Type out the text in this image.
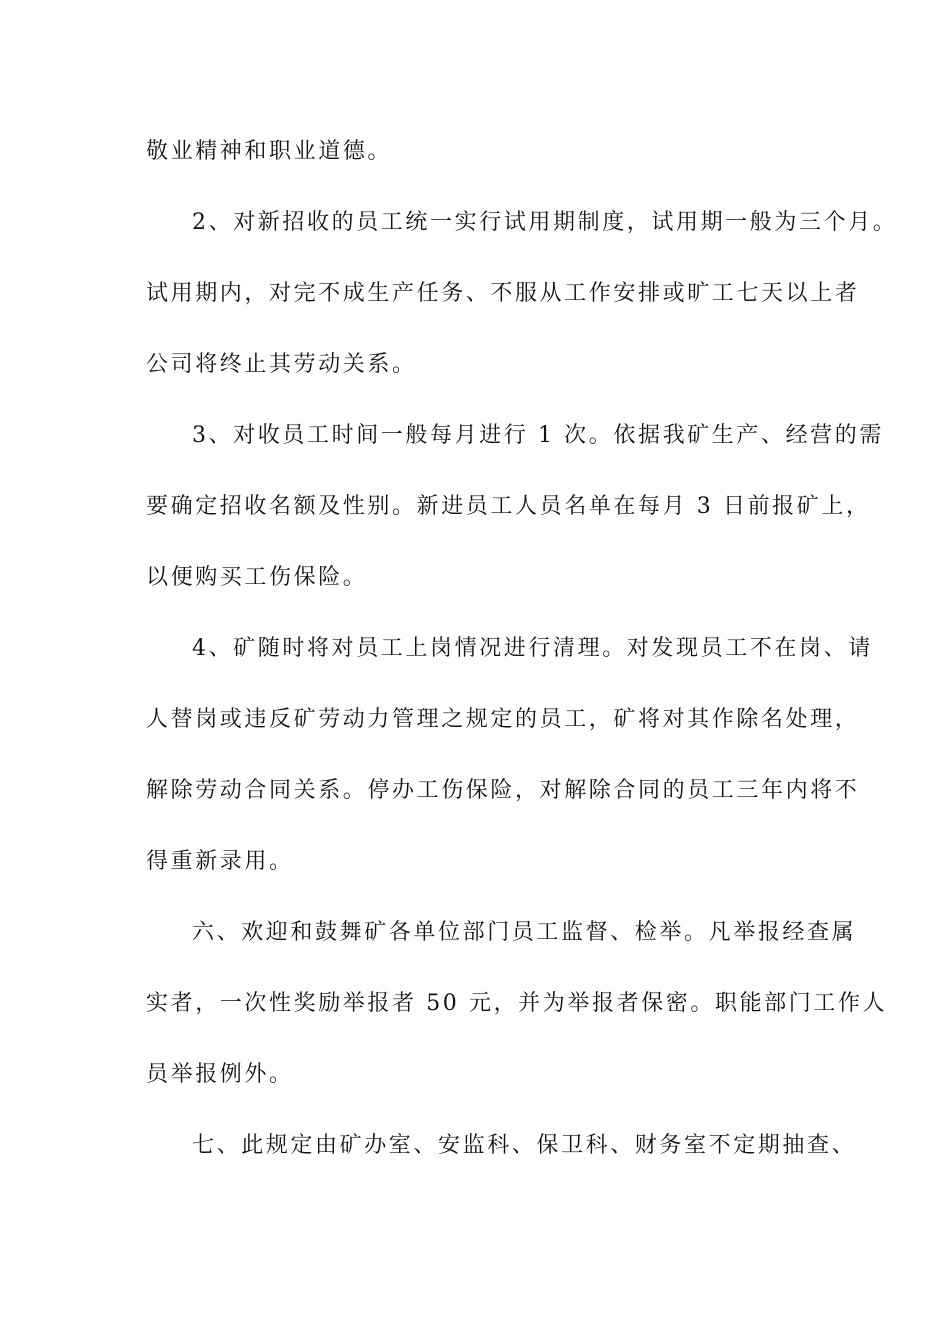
敬业精神和职业道德。
2、对新招收的员工统一实行试用期制度，试用期一般为三个月。
试用期内，对完不成生产任务、不服从工作安排或旷工七天以上者
公司将终止其劳动关系。
3、对收员工时间一般每月进行 1 次。依据我矿生产、经营的需
要确定招收名额及性别。新进员工人员名单在每月 3 日前报矿上，
以便购买工伤保险。
4、矿随时将对员工上岗情况进行清理。对发现员工不在岗、请
人替岗或违反矿劳动力管理之规定的员工，矿将对其作除名处理，
解除劳动合同关系。停办工伤保险，对解除合同的员工三年内将不
得重新录用。
六、欢迎和鼓舞矿各单位部门员工监督、检举。凡举报经查属
实者，一次性奖励举报者 50 元，并为举报者保密。职能部门工作人
员举报例外。
七、此规定由矿办室、安监科、保卫科、财务室不定期抽查、
